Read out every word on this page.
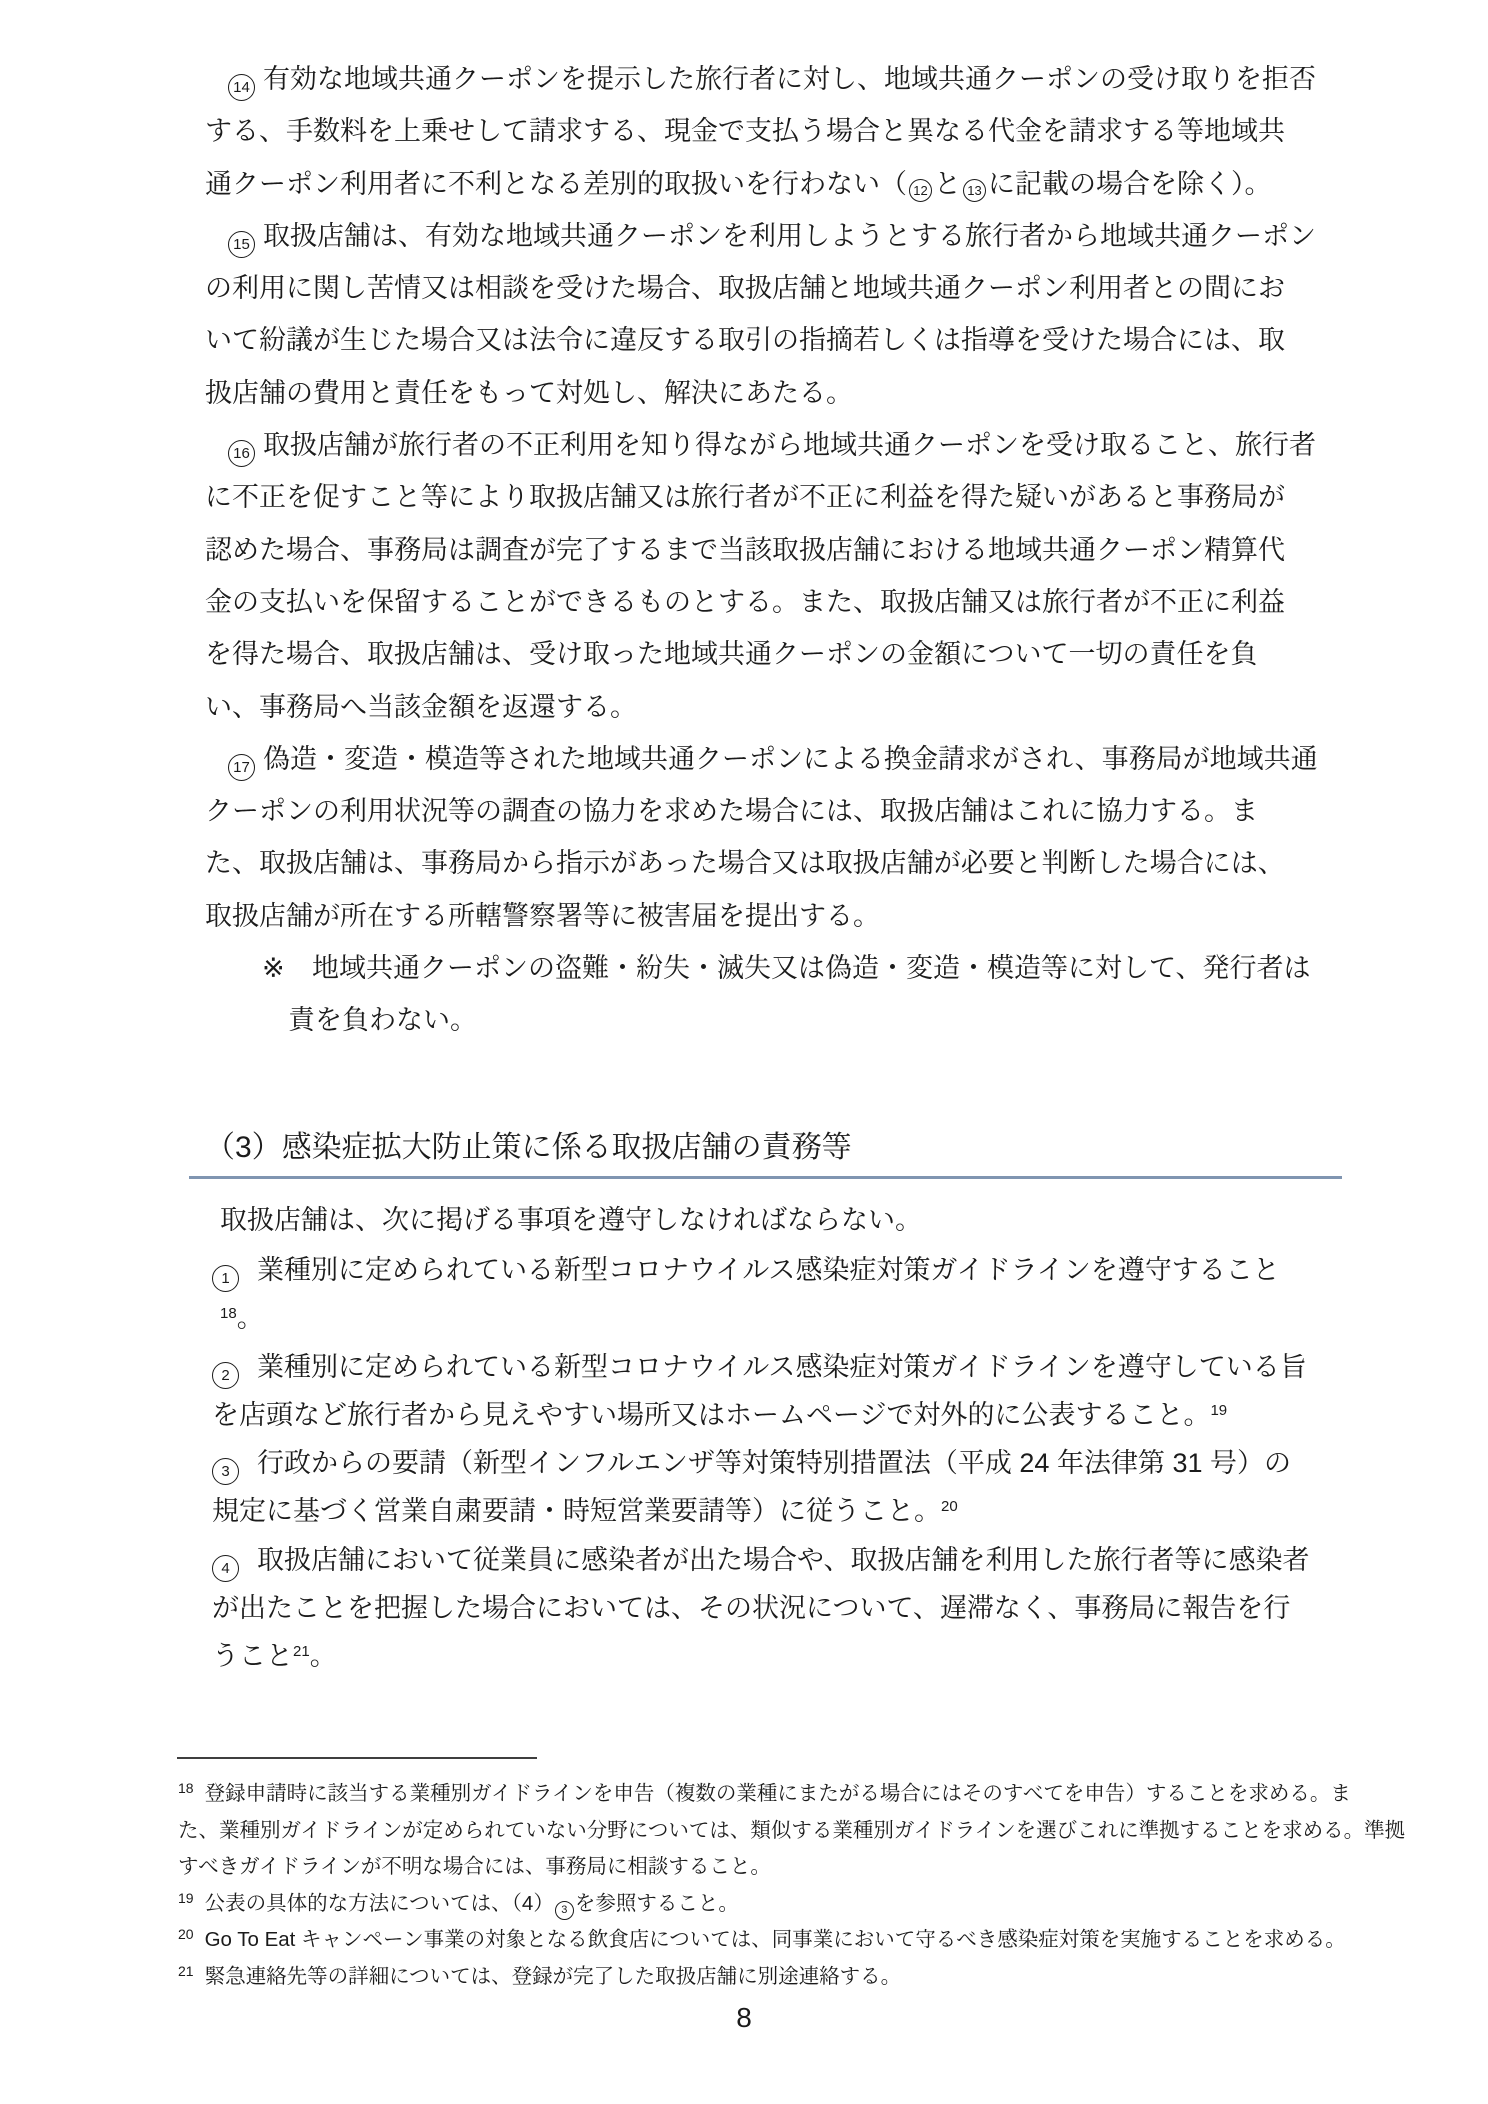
14 有効な地域共通クーポンを提示した旅行者に対し、地域共通クーポンの受け取りを拒否
する、手数料を上乗せして請求する、現金で支払う場合と異なる代金を請求する等地域共
通クーポン利用者に不利となる差別的取扱いを行わない（ 12 と 13 に記載の場合を除く）。
15 取扱店舗は、有効な地域共通クーポンを利用しようとする旅行者から地域共通クーポン
の利用に関し苦情又は相談を受けた場合、取扱店舗と地域共通クーポン利用者との間にお
いて紛議が生じた場合又は法令に違反する取引の指摘若しくは指導を受けた場合には、取
扱店舗の費用と責任をもって対処し、解決にあたる。
16 取扱店舗が旅行者の不正利用を知り得ながら地域共通クーポンを受け取ること、旅行者
に不正を促すこと等により取扱店舗又は旅行者が不正に利益を得た疑いがあると事務局が
認めた場合、事務局は調査が完了するまで当該取扱店舗における地域共通クーポン精算代
金の支払いを保留することができるものとする。また、取扱店舗又は旅行者が不正に利益
を得た場合、取扱店舗は、受け取った地域共通クーポンの金額について一切の責任を負
い、事務局へ当該金額を返還する。
17 偽造・変造・模造等された地域共通クーポンによる換金請求がされ、事務局が地域共通
クーポンの利用状況等の調査の協力を求めた場合には、取扱店舗はこれに協力する。ま
た、取扱店舗は、事務局から指示があった場合又は取扱店舗が必要と判断した場合には、
取扱店舗が所在する所轄警察署等に被害届を提出する。
※ 地域共通クーポンの盗難・紛失・滅失又は偽造・変造・模造等に対して、発行者は
責を負わない。
（3）感染症拡大防止策に係る取扱店舗の責務等
取扱店舗は、次に掲げる事項を遵守しなければならない。
1 業種別に定められている新型コロナウイルス感染症対策ガイドラインを遵守すること
$^{18}$。
2 業種別に定められている新型コロナウイルス感染症対策ガイドラインを遵守している旨
を店頭など旅行者から見えやすい場所又はホームページで対外的に公表すること。$^{19}$
3 行政からの要請（新型インフルエンザ等対策特別措置法（平成 24 年法律第 31 号）の
規定に基づく営業自粛要請・時短営業要請等）に従うこと。$^{20}$
4 取扱店舗において従業員に感染者が出た場合や、取扱店舗を利用した旅行者等に感染者
が出たことを把握した場合においては、その状況について、遅滞なく、事務局に報告を行
うこと$^{21}$。
$^{18}$ 登録申請時に該当する業種別ガイドラインを申告（複数の業種にまたがる場合にはそのすべてを申告）することを求める。ま
た、業種別ガイドラインが定められていない分野については、類似する業種別ガイドラインを選びこれに準拠することを求める。準拠
すべきガイドラインが不明な場合には、事務局に相談すること。
$^{19}$ 公表の具体的な方法については、（4） 3 を参照すること。
$^{20}$ Go To Eat キャンペーン事業の対象となる飲食店については、同事業において守るべき感染症対策を実施することを求める。
$^{21}$ 緊急連絡先等の詳細については、登録が完了した取扱店舗に別途連絡する。
8
